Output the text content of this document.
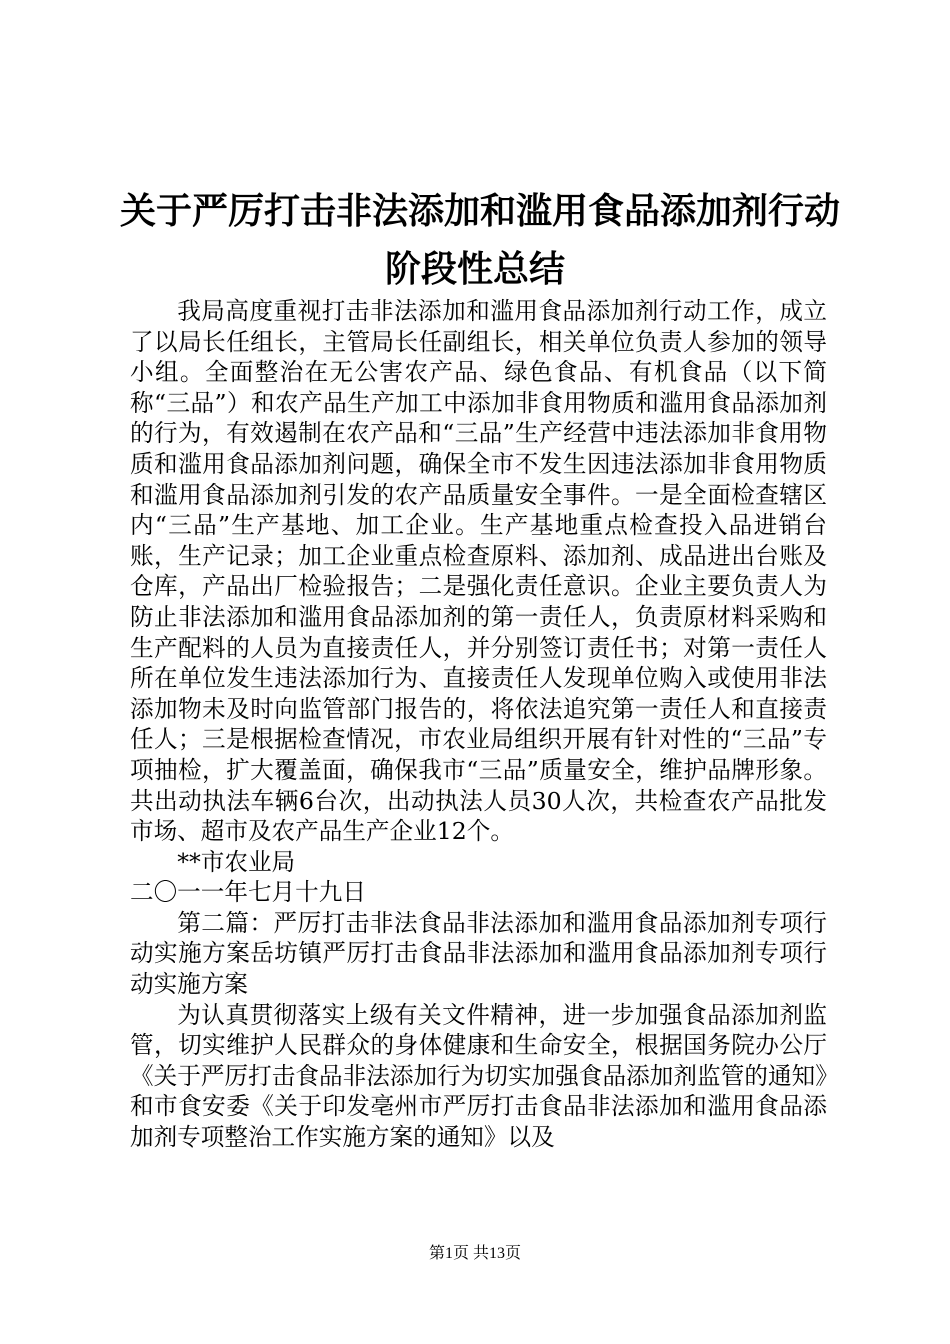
关于严厉打击非法添加和滥用食品添加剂行动
阶段性总结

我局高度重视打击非法添加和滥用食品添加剂行动工作，成立了以局长任组长，主管局长任副组长，相关单位负责人参加的领导小组。全面整治在无公害农产品、绿色食品、有机食品（以下简称“三品”）和农产品生产加工中添加非食用物质和滥用食品添加剂的行为，有效遏制在农产品和“三品”生产经营中违法添加非食用物质和滥用食品添加剂问题，确保全市不发生因违法添加非食用物质和滥用食品添加剂引发的农产品质量安全事件。一是全面检查辖区内“三品”生产基地、加工企业。生产基地重点检查投入品进销台账，生产记录；加工企业重点检查原料、添加剂、成品进出台账及仓库，产品出厂检验报告；二是强化责任意识。企业主要负责人为防止非法添加和滥用食品添加剂的第一责任人，负责原材料采购和生产配料的人员为直接责任人，并分别签订责任书；对第一责任人所在单位发生违法添加行为、直接责任人发现单位购入或使用非法添加物未及时向监管部门报告的，将依法追究第一责任人和直接责任人；三是根据检查情况，市农业局组织开展有针对性的“三品”专项抽检，扩大覆盖面，确保我市“三品”质量安全，维护品牌形象。共出动执法车辆6台次，出动执法人员30人次，共检查农产品批发市场、超市及农产品生产企业12个。

**市农业局

二〇一一年七月十九日

第二篇：严厉打击非法食品非法添加和滥用食品添加剂专项行动实施方案岳坊镇严厉打击食品非法添加和滥用食品添加剂专项行动实施方案

为认真贯彻落实上级有关文件精神，进一步加强食品添加剂监管，切实维护人民群众的身体健康和生命安全，根据国务院办公厅《关于严厉打击食品非法添加行为切实加强食品添加剂监管的通知》和市食安委《关于印发亳州市严厉打击食品非法添加和滥用食品添加剂专项整治工作实施方案的通知》以及

第1页 共13页
